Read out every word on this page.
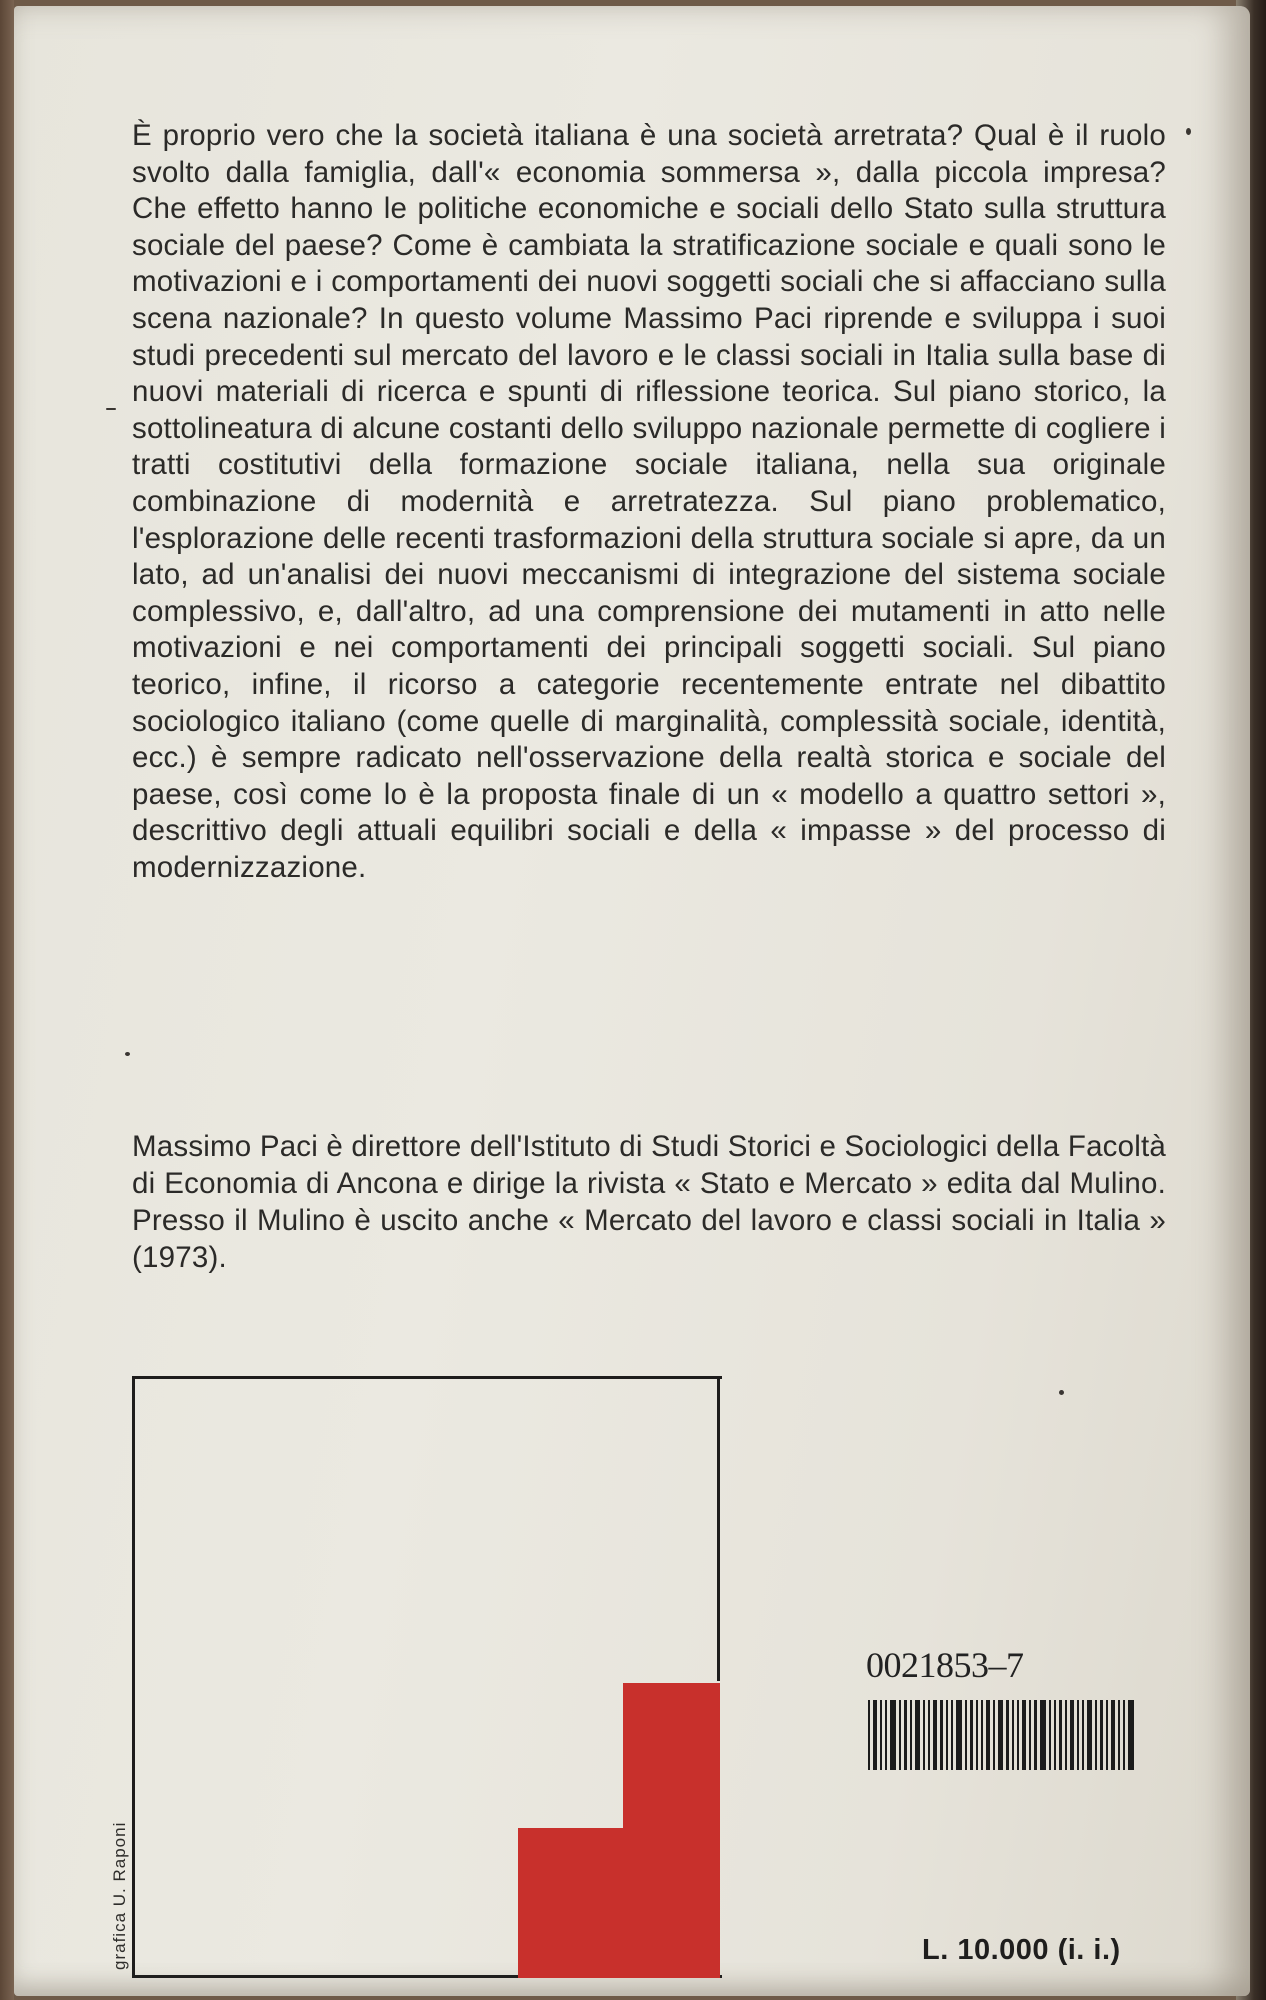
È proprio vero che la società italiana è una società arretrata? Qual è il ruolo svolto dalla famiglia, dall'« economia sommersa », dalla piccola impresa? Che effetto hanno le politiche economiche e sociali dello Stato sulla struttura sociale del paese? Come è cambiata la stratificazione sociale e quali sono le motivazioni e i comportamenti dei nuovi soggetti sociali che si affacciano sulla scena nazionale? In questo volume Massimo Paci riprende e sviluppa i suoi studi precedenti sul mercato del lavoro e le classi sociali in Italia sulla base di nuovi materiali di ricerca e spunti di riflessione teorica. Sul piano storico, la sottolineatura di alcune costanti dello sviluppo nazionale permette di cogliere i tratti costitutivi della formazione sociale italiana, nella sua originale combinazione di modernità e arretratezza. Sul piano problematico, l'esplorazione delle recenti trasformazioni della struttura sociale si apre, da un lato, ad un'analisi dei nuovi meccanismi di integrazione del sistema sociale complessivo, e, dall'altro, ad una comprensione dei mutamenti in atto nelle motivazioni e nei comportamenti dei principali soggetti sociali. Sul piano teorico, infine, il ricorso a categorie recentemente entrate nel dibattito sociologico italiano (come quelle di marginalità, complessità sociale, identità, ecc.) è sempre radicato nell'osservazione della realtà storica e sociale del paese, così come lo è la proposta finale di un « modello a quattro settori », descrittivo degli attuali equilibri sociali e della « impasse » del processo di modernizzazione.

Massimo Paci è direttore dell'Istituto di Studi Storici e Sociologici della Facoltà di Economia di Ancona e dirige la rivista « Stato e Mercato » edita dal Mulino. Presso il Mulino è uscito anche « Mercato del lavoro e classi sociali in Italia » (1973).

grafica U. Raponi
0021853–7
L. 10.000 (i. i.)
